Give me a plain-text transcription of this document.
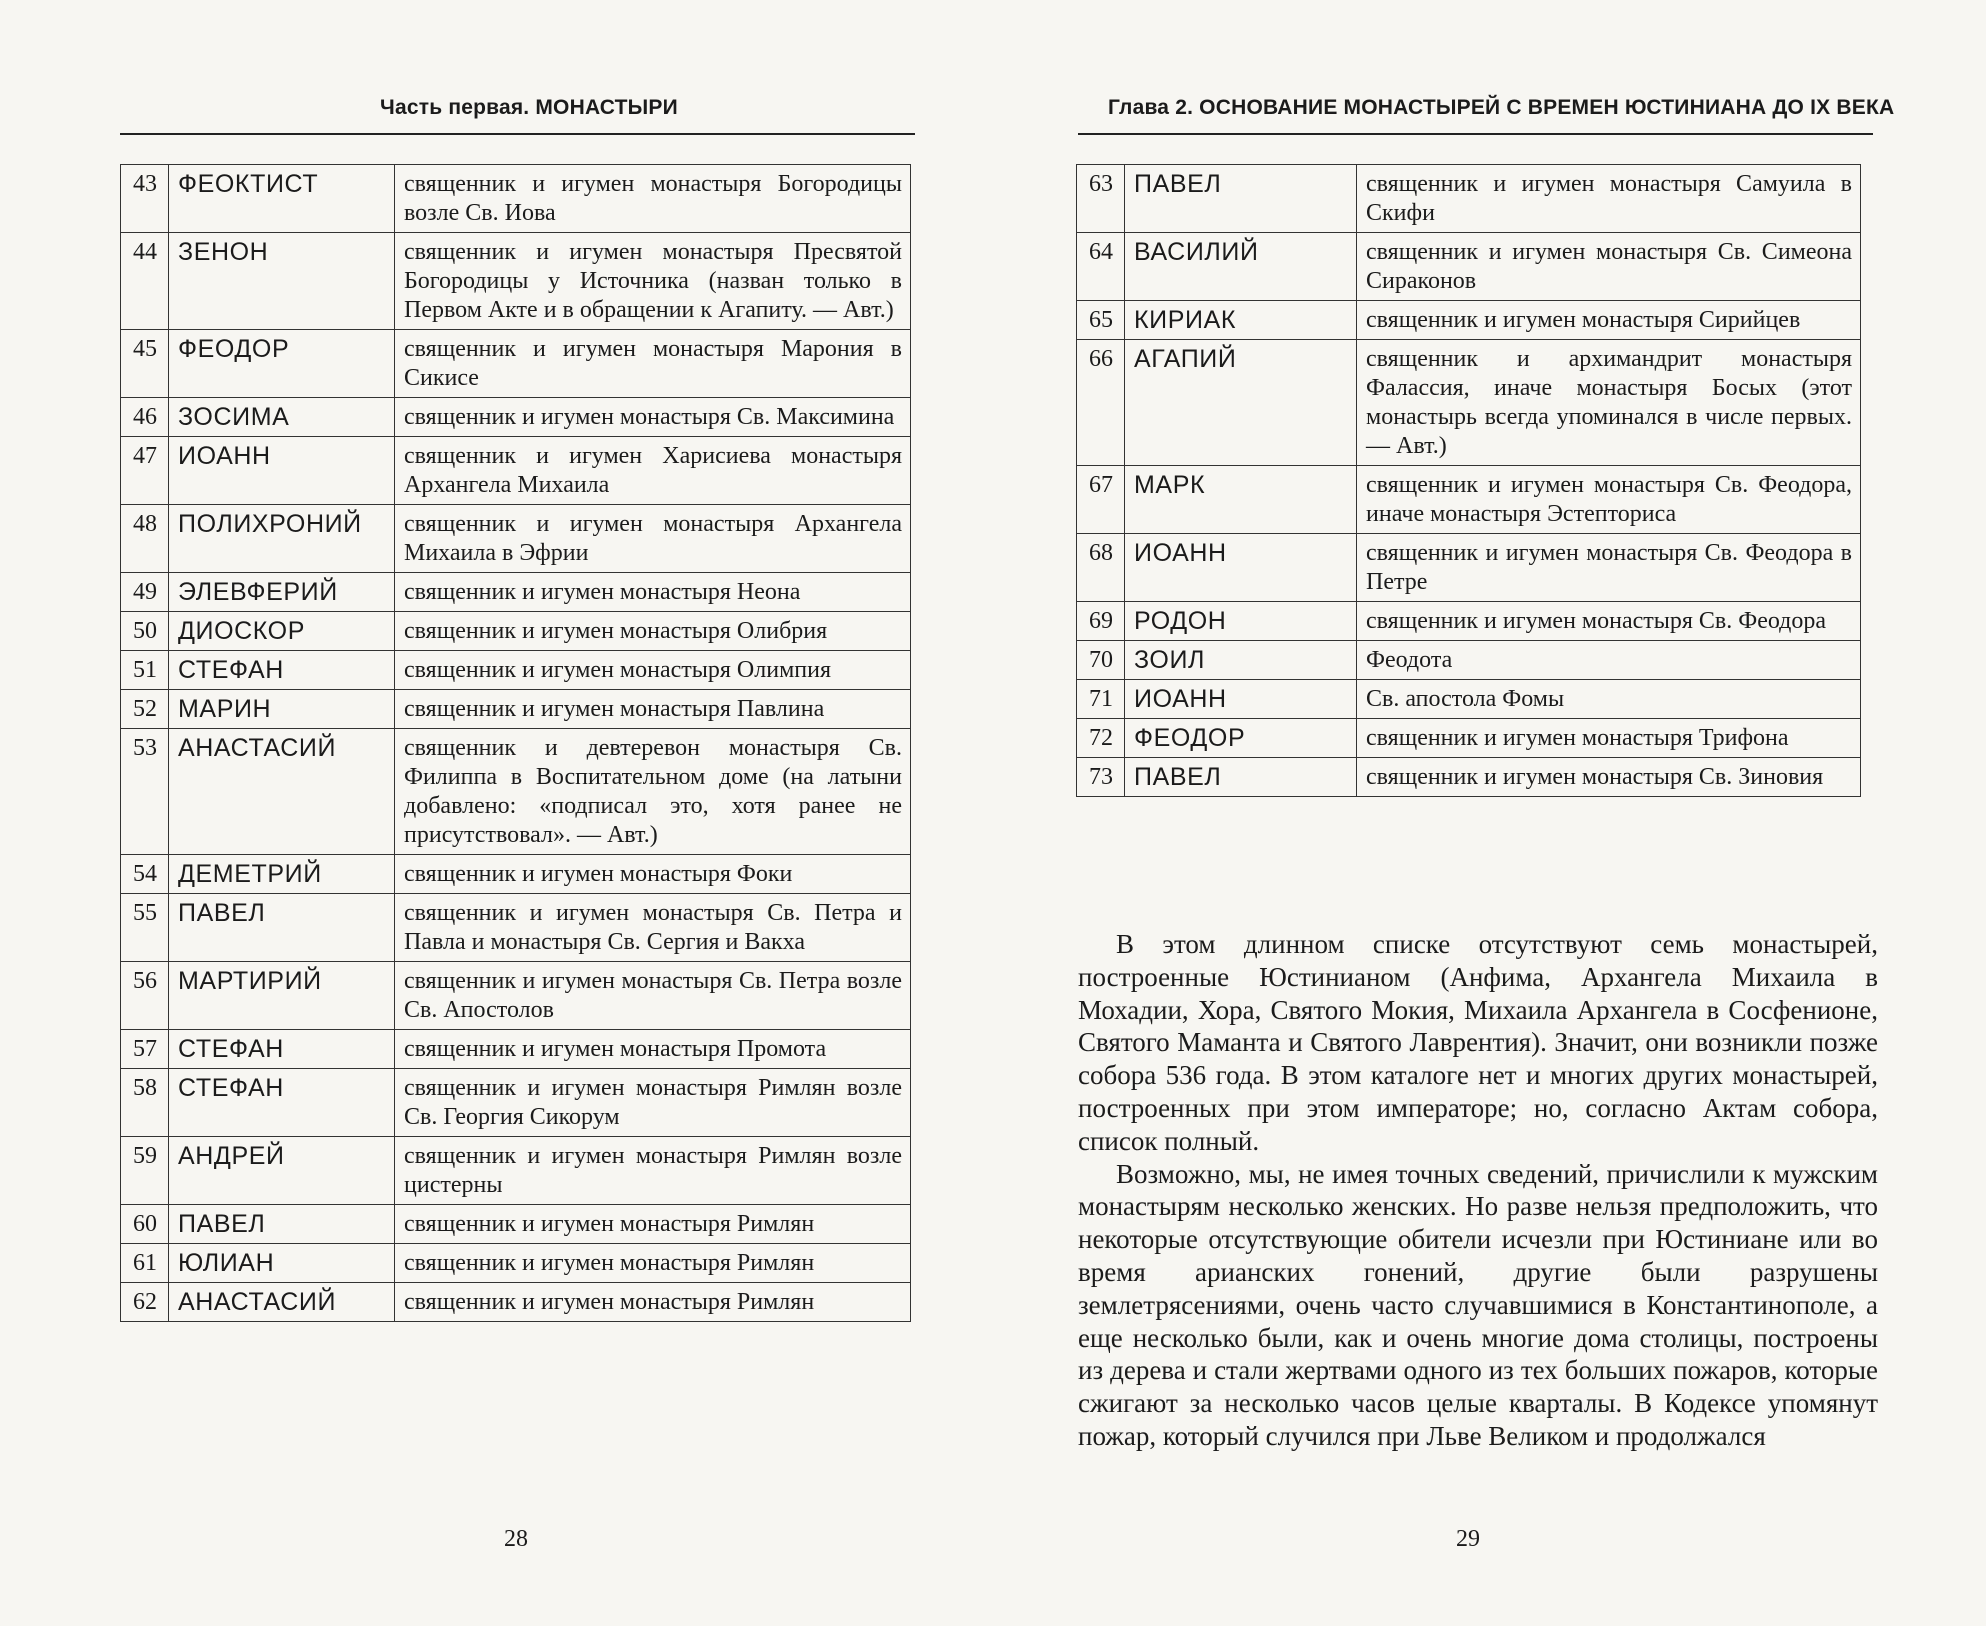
Часть первая. МОНАСТЫРИ
43	ФЕОКТИСТ	священник и игумен монастыря Богородицы возле Св. Иова
44	ЗЕНОН	священник и игумен монастыря Пресвятой Богородицы у Источника (назван только в Первом Акте и в обращении к Агапиту. — Авт.)
45	ФЕОДОР	священник и игумен монастыря Марония в Сикисе
46	ЗОСИМА	священник и игумен монастыря Св. Максимина
47	ИОАНН	священник и игумен Харисиева монастыря Архангела Михаила
48	ПОЛИХРОНИЙ	священник и игумен монастыря Архангела Михаила в Эфрии
49	ЭЛЕВФЕРИЙ	священник и игумен монастыря Неона
50	ДИОСКОР	священник и игумен монастыря Олибрия
51	СТЕФАН	священник и игумен монастыря Олимпия
52	МАРИН	священник и игумен монастыря Павлина
53	АНАСТАСИЙ	священник и девтеревон монастыря Св. Филиппа в Воспитательном доме (на латыни добавлено: «подписал это, хотя ранее не присутствовал». — Авт.)
54	ДЕМЕТРИЙ	священник и игумен монастыря Фоки
55	ПАВЕЛ	священник и игумен монастыря Св. Петра и Павла и монастыря Св. Сергия и Вакха
56	МАРТИРИЙ	священник и игумен монастыря Св. Петра возле Св. Апостолов
57	СТЕФАН	священник и игумен монастыря Промота
58	СТЕФАН	священник и игумен монастыря Римлян возле Св. Георгия Сикорум
59	АНДРЕЙ	священник и игумен монастыря Римлян возле цистерны
60	ПАВЕЛ	священник и игумен монастыря Римлян
61	ЮЛИАН	священник и игумен монастыря Римлян
62	АНАСТАСИЙ	священник и игумен монастыря Римлян
28
Глава 2. ОСНОВАНИЕ МОНАСТЫРЕЙ С ВРЕМЕН ЮСТИНИАНА ДО IX ВЕКА
63	ПАВЕЛ	священник и игумен монастыря Самуила в Скифи
64	ВАСИЛИЙ	священник и игумен монастыря Св. Симеона Сираконов
65	КИРИАК	священник и игумен монастыря Сирийцев
66	АГАПИЙ	священник и архимандрит монастыря Фалассия, иначе монастыря Босых (этот монастырь всегда упоминался в числе первых. — Авт.)
67	МАРК	священник и игумен монастыря Св. Феодора, иначе монастыря Эстепториса
68	ИОАНН	священник и игумен монастыря Св. Феодора в Петре
69	РОДОН	священник и игумен монастыря Св. Феодора
70	ЗОИЛ	Феодота
71	ИОАНН	Св. апостола Фомы
72	ФЕОДОР	священник и игумен монастыря Трифона
73	ПАВЕЛ	священник и игумен монастыря Св. Зиновия

В этом длинном списке отсутствуют семь монастырей, построенные Юстинианом (Анфима, Архангела Михаила в Мохадии, Хора, Святого Мокия, Михаила Архангела в Сосфенионе, Святого Маманта и Святого Лаврентия). Значит, они возникли позже собора 536 года. В этом каталоге нет и многих других монастырей, построенных при этом императоре; но, согласно Актам собора, список полный.

Возможно, мы, не имея точных сведений, причислили к мужским монастырям несколько женских. Но разве нельзя предположить, что некоторые отсутствующие обители исчезли при Юстиниане или во время арианских гонений, другие были разрушены землетрясениями, очень часто случавшимися в Константинополе, а еще несколько были, как и очень многие дома столицы, построены из дерева и стали жертвами одного из тех больших пожаров, которые сжигают за несколько часов целые кварталы. В Кодексе упомянут пожар, который случился при Льве Великом и продолжался

29
